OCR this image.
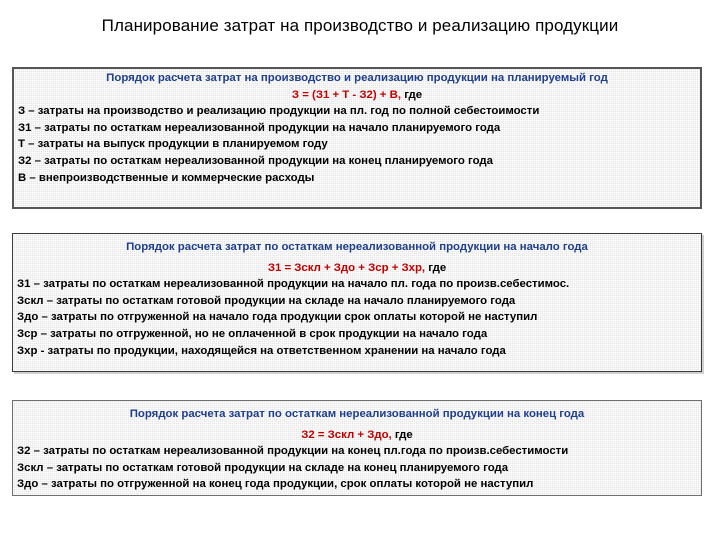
Планирование затрат на производство и реализацию продукции
Порядок расчета затрат на производство и реализацию продукции на планируемый год
З = (З1 + Т - З2) + В, где
З – затраты на производство и реализацию продукции на пл. год по полной себестоимости
З1 – затраты по остаткам нереализованной продукции на начало планируемого года
Т – затраты на выпуск продукции в планируемом году
З2 – затраты по остаткам нереализованной продукции на конец планируемого года
В – внепроизводственные и коммерческие расходы
Порядок расчета затрат по остаткам нереализованной продукции на начало года
З1 = Зскл + Здо + Зср + Зхр, где
З1 – затраты по остаткам нереализованной продукции на начало пл. года по произв.себестимос.
Зскл – затраты по остаткам готовой продукции на складе на начало планируемого года
Здо – затраты по отгруженной на начало года продукции срок оплаты которой не наступил
Зср – затраты по отгруженной, но не оплаченной в срок продукции на начало года
Зхр - затраты по продукции, находящейся на ответственном хранении на начало года
Порядок расчета затрат по остаткам нереализованной продукции на конец года
З2 = Зскл + Здо, где
З2 – затраты по остаткам нереализованной продукции на конец пл.года по произв.себестимости
Зскл – затраты по остаткам готовой продукции на складе на конец планируемого года
Здо – затраты по отгруженной на конец года продукции, срок оплаты которой не наступил
